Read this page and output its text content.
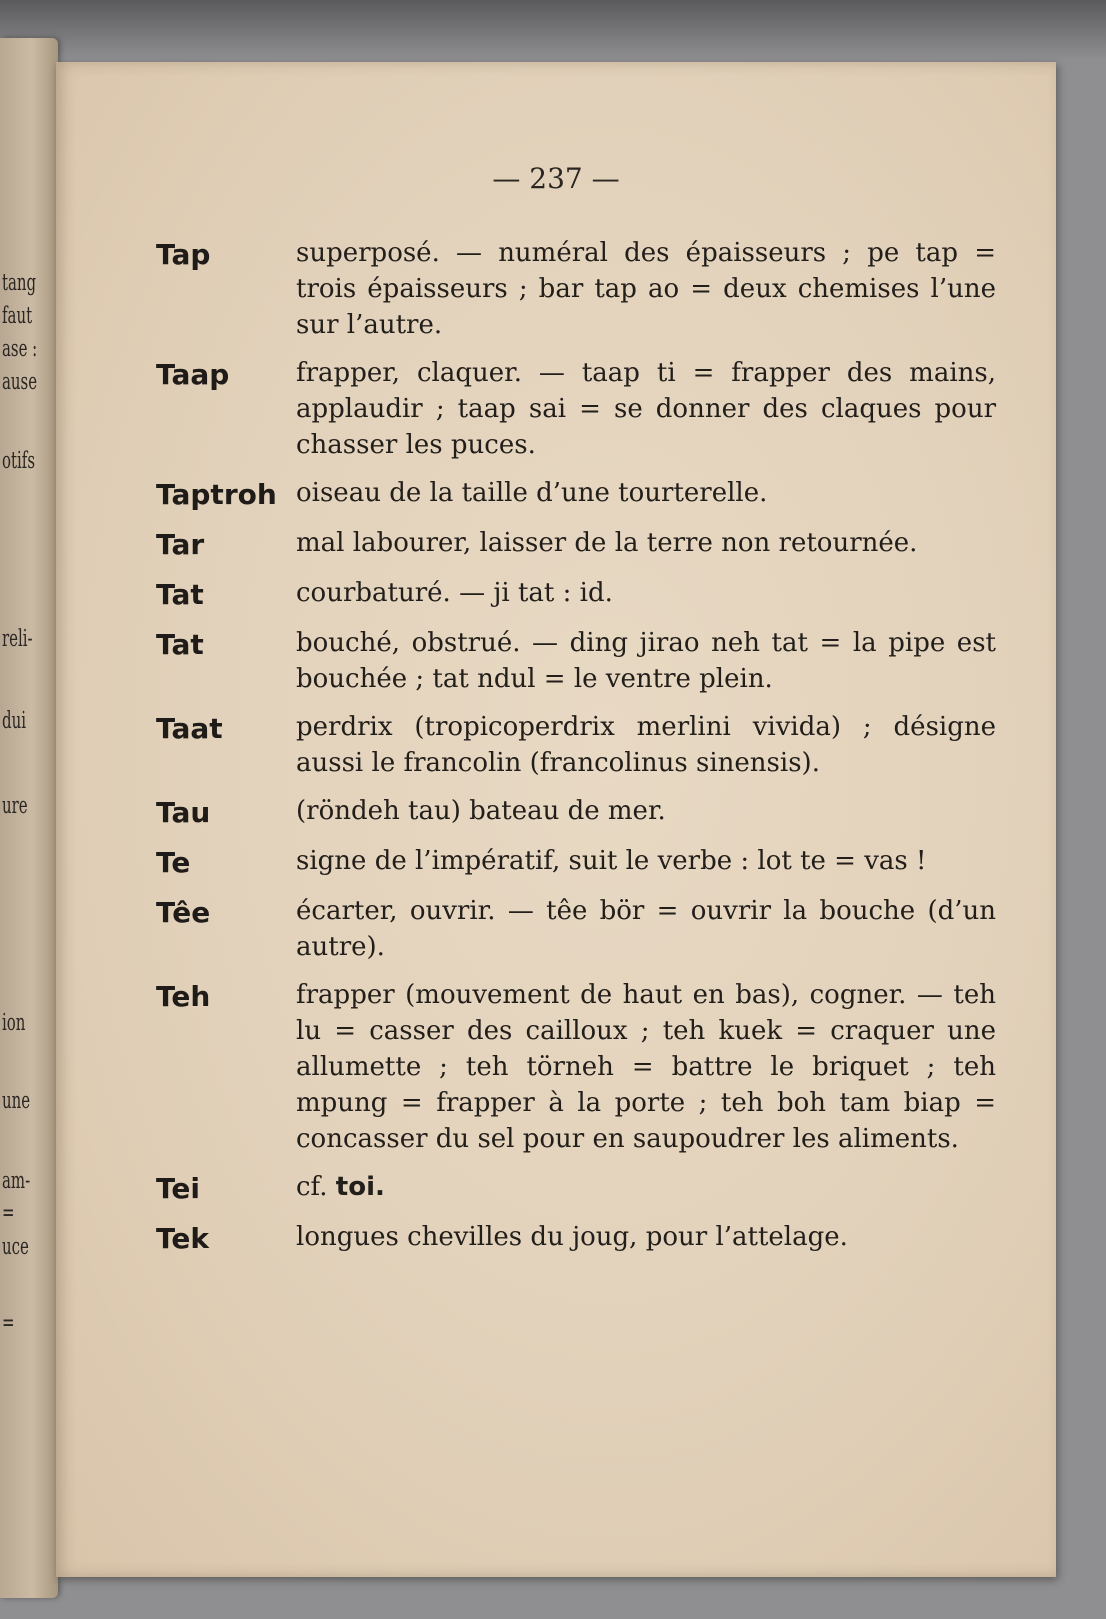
tang
faut
ase :
ause
otifs
reli-
dui
ure
ion
une
am-
=
uce
=
— 237 —
Tap	superposé. — numéral des épaisseurs ; pe tap = trois épaisseurs ; bar tap ao = deux chemises l’une sur l’autre.
Taap	frapper, claquer. — taap ti = frapper des mains, applaudir ; taap sai = se donner des claques pour chasser les puces.
Taptroh oiseau de la taille d’une tourterelle.
Tar	mal labourer, laisser de la terre non retournée.
Tat	courbaturé. — ji tat : id.
Tat	bouché, obstrué. — ding jirao neh tat = la pipe est bouchée ; tat ndul = le ventre plein.
Taat	perdrix (tropicoperdrix merlini vivida) ; désigne aussi le francolin (francolinus sinensis).
Tau	(röndeh tau) bateau de mer.
Te	signe de l’impératif, suit le verbe : lot te = vas !
Têe	écarter, ouvrir. — têe bör = ouvrir la bouche (d’un autre).
Teh	frapper (mouvement de haut en bas), cogner. — teh lu = casser des cailloux ; teh kuek = craquer une allumette ; teh törneh = battre le briquet ; teh mpung = frapper à la porte ; teh boh tam biap = concasser du sel pour en saupoudrer les aliments.
Tei	cf. toi.
Tek	longues chevilles du joug, pour l’attelage.
